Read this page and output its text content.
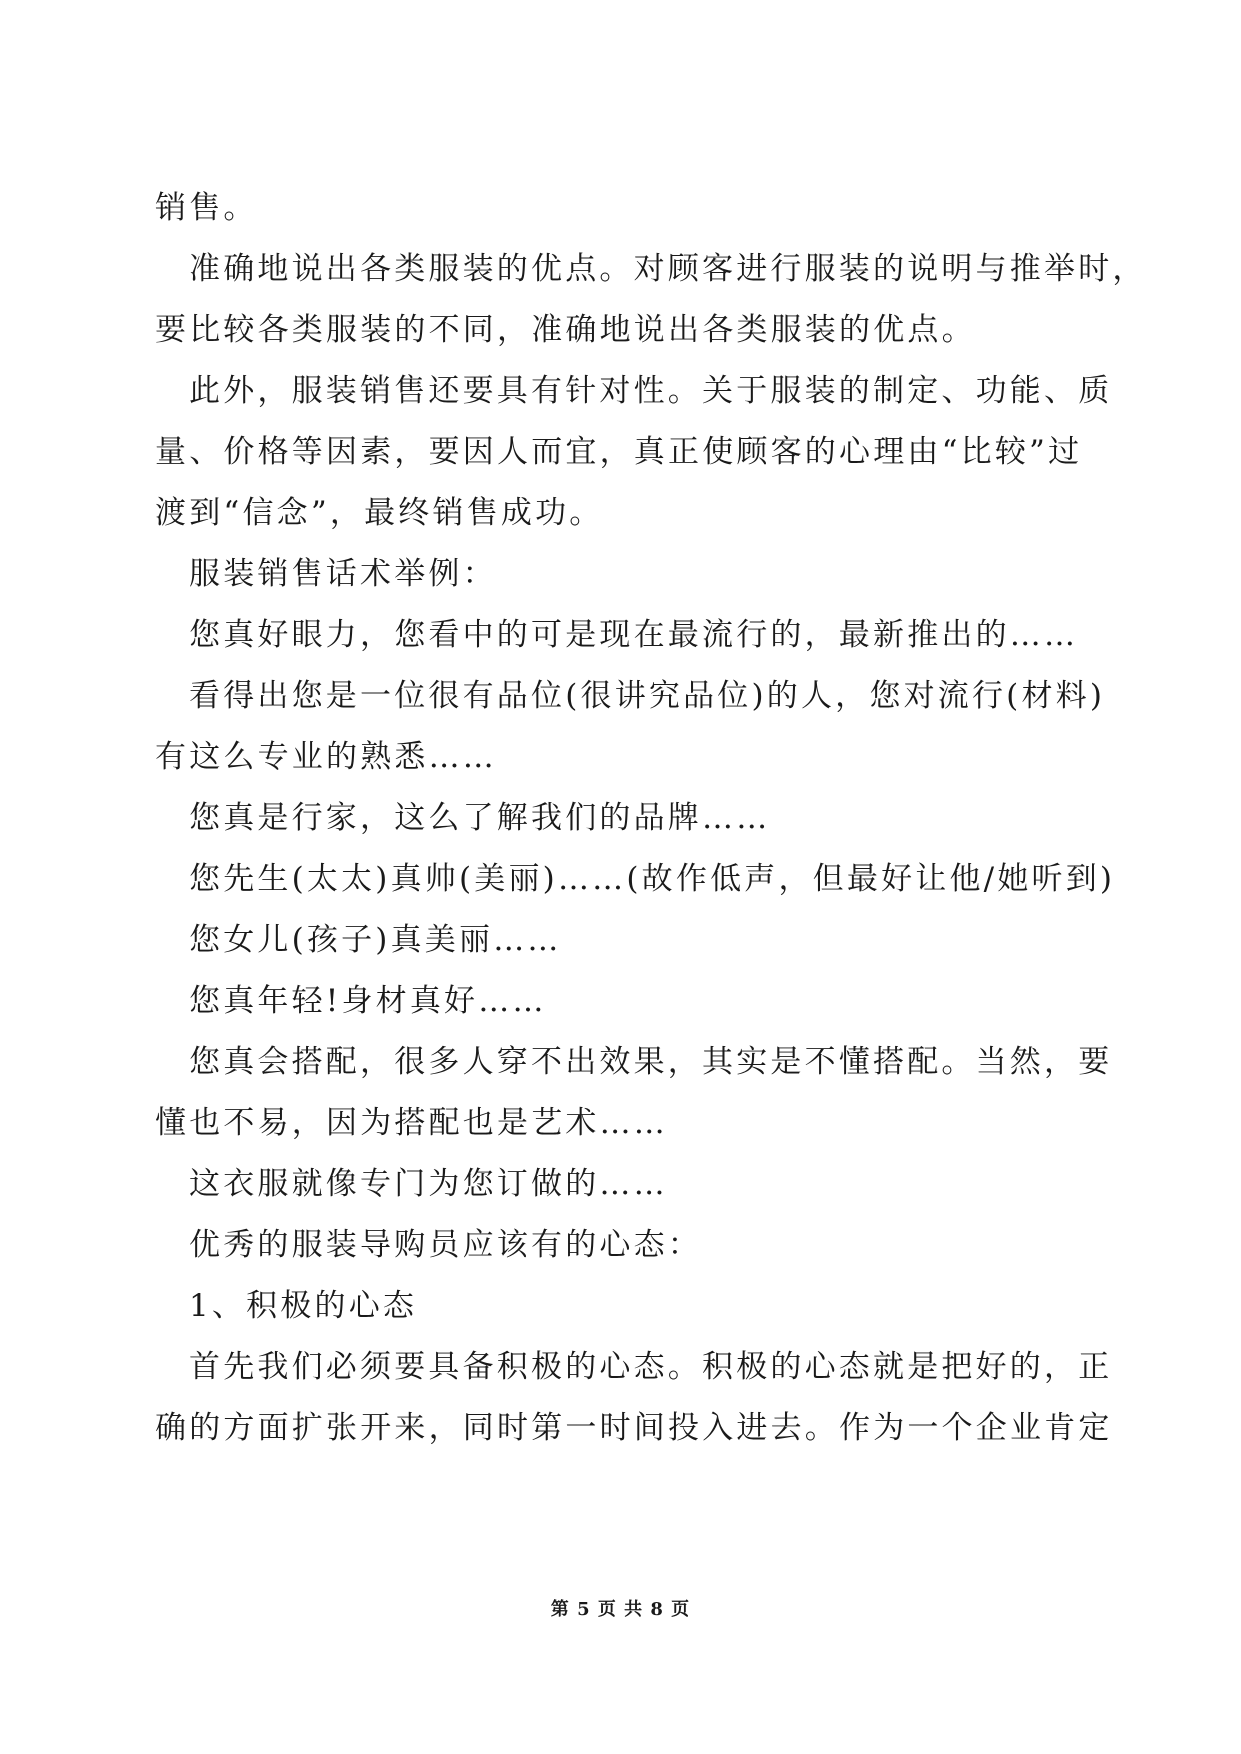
销售。
准确地说出各类服装的优点。对顾客进行服装的说明与推举时，
要比较各类服装的不同，准确地说出各类服装的优点。
此外，服装销售还要具有针对性。关于服装的制定、功能、质
量、价格等因素，要因人而宜，真正使顾客的心理由“比较”过
渡到“信念”，最终销售成功。
服装销售话术举例：
您真好眼力，您看中的可是现在最流行的，最新推出的……
看得出您是一位很有品位(很讲究品位)的人，您对流行(材料)
有这么专业的熟悉……
您真是行家，这么了解我们的品牌……
您先生(太太)真帅(美丽)……(故作低声，但最好让他/她听到)
您女儿(孩子)真美丽……
您真年轻!身材真好……
您真会搭配，很多人穿不出效果，其实是不懂搭配。当然，要
懂也不易，因为搭配也是艺术……
这衣服就像专门为您订做的……
优秀的服装导购员应该有的心态：
1、积极的心态
首先我们必须要具备积极的心态。积极的心态就是把好的，正
确的方面扩张开来，同时第一时间投入进去。作为一个企业肯定
第 5 页 共 8 页
